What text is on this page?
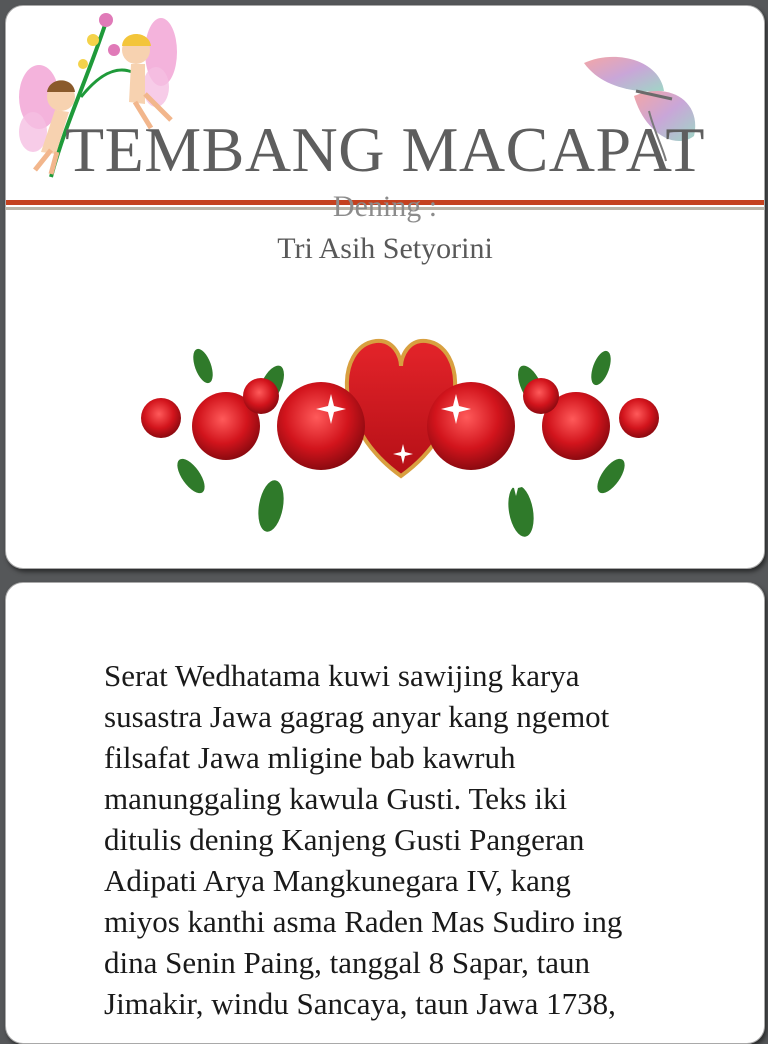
TEMBANG MACAPAT
Dening :
Tri Asih Setyorini
Serat Wedhatama kuwi sawijing karya
susastra Jawa gagrag anyar kang ngemot
filsafat Jawa mligine bab kawruh
manunggaling kawula Gusti. Teks iki
ditulis dening Kanjeng Gusti Pangeran
Adipati Arya Mangkunegara IV, kang
miyos kanthi asma Raden Mas Sudiro ing
dina Senin Paing, tanggal 8 Sapar, taun
Jimakir, windu Sancaya, taun Jawa 1738,
